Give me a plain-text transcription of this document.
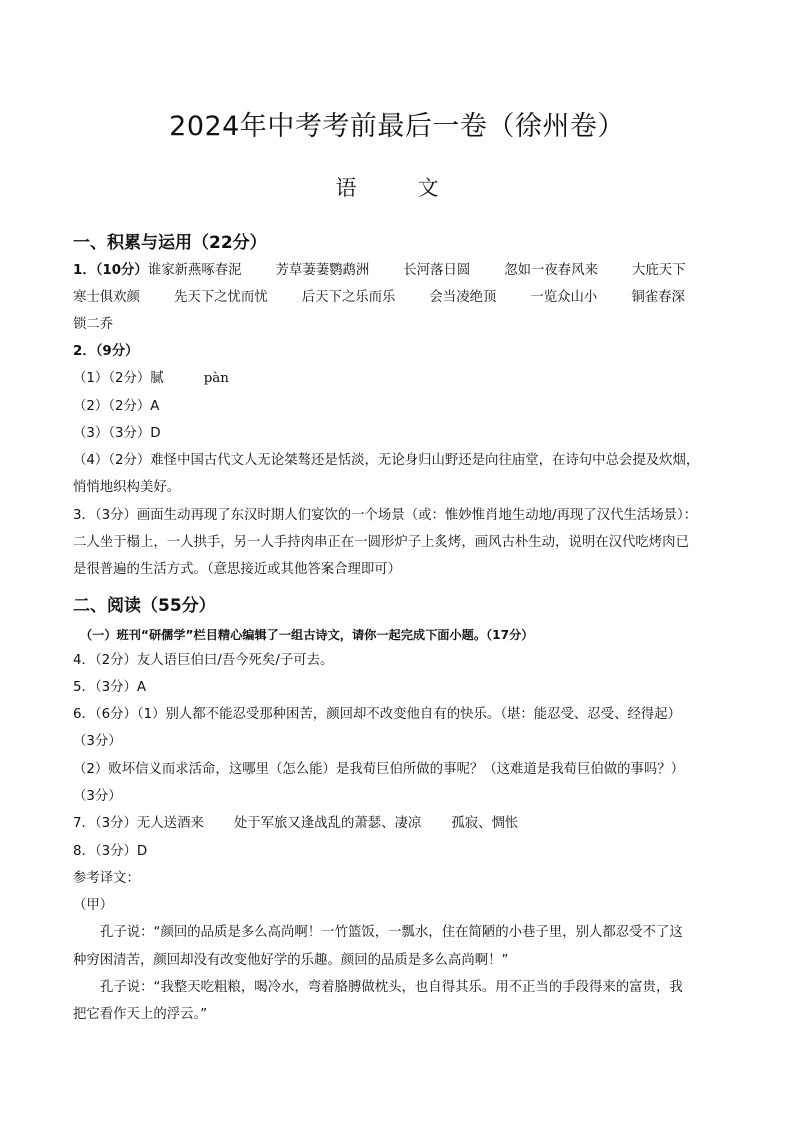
2024年中考考前最后一卷（徐州卷）
语　文
一、积累与运用（22分）
1．（10分）谁家新燕啄春泥	芳草萋萋鹦鹉洲	长河落日圆	忽如一夜春风来	大庇天下
寒士俱欢颜	先天下之忧而忧	后天下之乐而乐	会当凌绝顶	一览众山小	铜雀春深
锁二乔
2．（9分）
（1）（2分）膩	pàn
（2）（2分）A
（3）（3分）D
（4）（2分）难怪中国古代文人无论桀骜还是恬淡，无论身归山野还是向往庙堂，在诗句中总会提及炊烟，
悄悄地织构美好。
3．（3分）画面生动再现了东汉时期人们宴饮的一个场景（或：惟妙惟肖地生动地/再现了汉代生活场景）：
二人坐于榻上，一人拱手，另一人手持肉串正在一圆形炉子上炙烤，画风古朴生动，说明在汉代吃烤肉已
是很普遍的生活方式。（意思接近或其他答案合理即可）
二、阅读（55分）
（一）班刊“研儒学”栏目精心编辑了一组古诗文，请你一起完成下面小题。（17分）
4．（2分）友人语巨伯曰/吾今死矣/子可去。
5．（3分）A
6．（6分）（1）别人都不能忍受那种困苦，颜回却不改变他自有的快乐。（堪：能忍受、忍受、经得起）
（3分）
（2）败坏信义而求活命，这哪里（怎么能）是我荀巨伯所做的事呢？（这难道是我荀巨伯做的事吗？）
（3分）
7．（3分）无人送酒来 处于军旅又逢战乱的萧瑟、凄凉 孤寂、惆怅
8．（3分）D
参考译文：
（甲）
孔子说：“颜回的品质是多么高尚啊！一竹篮饭，一瓢水，住在简陋的小巷子里，别人都忍受不了这
种穷困清苦，颜回却没有改变他好学的乐趣。颜回的品质是多么高尚啊！”
孔子说：“我整天吃粗粮，喝冷水，弯着胳膊做枕头，也自得其乐。用不正当的手段得来的富贵，我
把它看作天上的浮云。”
